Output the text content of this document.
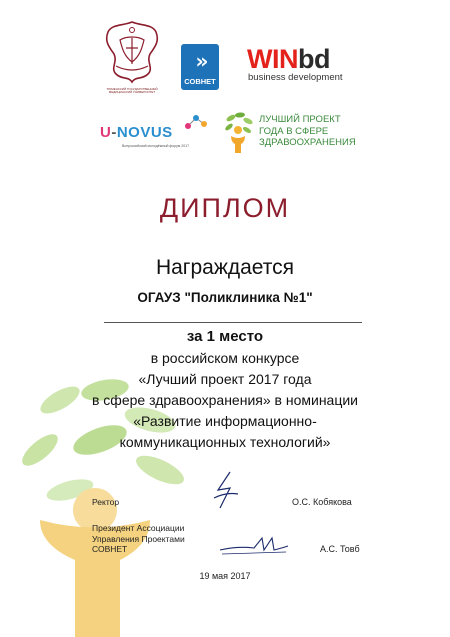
ТЮМЕНСКИЙ ГОСУДАРСТВЕННЫЙ МЕДИЦИНСКИЙ УНИВЕРСИТЕТ
»
СОВНЕТ
WINbd
business development
U-NOVUS
Всероссийский молодёжный форум 2017
ЛУЧШИЙ ПРОЕКТ
ГОДА В СФЕРЕ
ЗДРАВООХРАНЕНИЯ
ДИПЛОМ
Награждается
ОГАУЗ "Поликлиника №1"
за 1 место
в российском конкурсе
«Лучший проект 2017 года
в сфере здравоохранения» в номинации
«Развитие информационно-
коммуникационных технологий»
Ректор	О.С. Кобякова
Президент Ассоциации
Управления Проектами
СОВНЕТ	А.С. Товб
19 мая 2017
